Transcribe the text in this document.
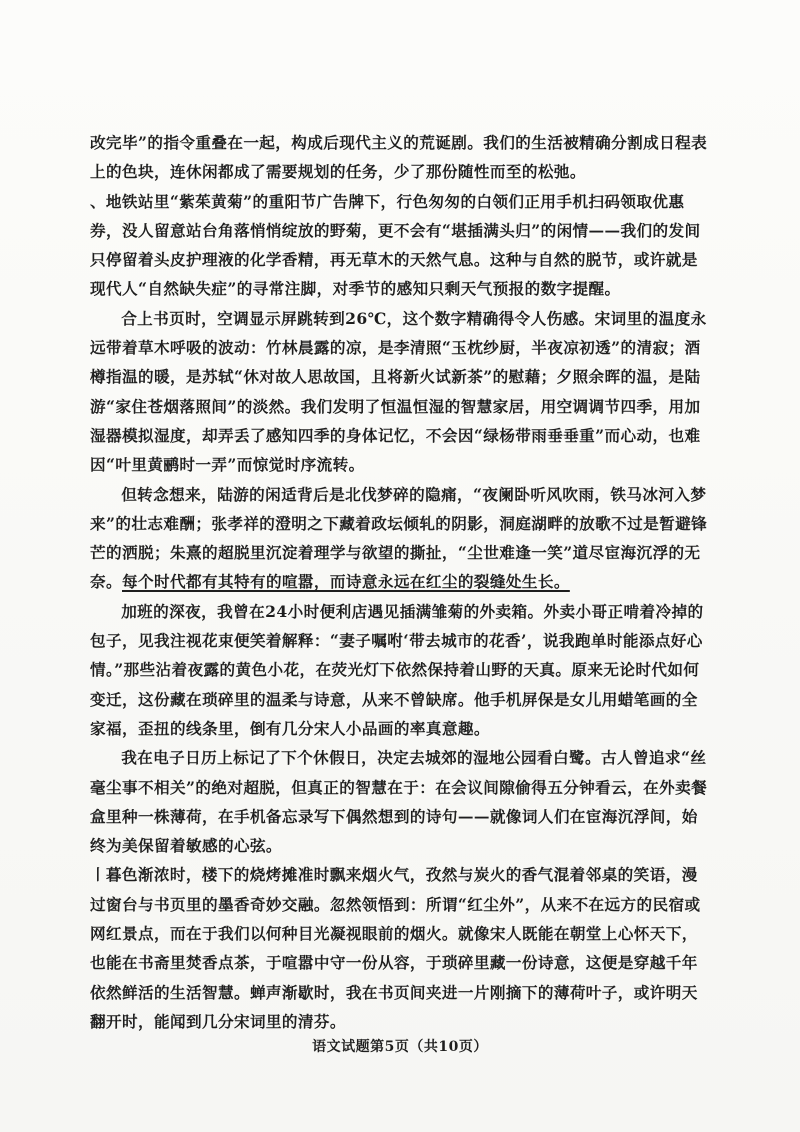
改完毕”的指令重叠在一起，构成后现代主义的荒诞剧。我们的生活被精确分割成日程表上的色块，连休闲都成了需要规划的任务，少了那份随性而至的松弛。

、 地铁站里“紫茱黄菊”的重阳节广告牌下，行色匆匆的白领们正用手机扫码领取优惠券，没人留意站台角落悄悄绽放的野菊，更不会有“堪插满头归”的闲情——我们的发间只停留着头皮护理液的化学香精，再无草木的天然气息。这种与自然的脱节，或许就是现代人“自然缺失症”的寻常注脚，对季节的感知只剩天气预报的数字提醒。

合上书页时，空调显示屏跳转到26℃，这个数字精确得令人伤感。宋词里的温度永远带着草木呼吸的波动：竹林晨露的凉，是李清照“玉枕纱厨，半夜凉初透”的清寂；酒樽指温的暖，是苏轼“休对故人思故国，且将新火试新茶”的慰藉；夕照余晖的温，是陆游“家住苍烟落照间”的淡然。我们发明了恒温恒湿的智慧家居，用空调调节四季，用加湿器模拟湿度，却弄丢了感知四季的身体记忆，不会因“绿杨带雨垂垂重”而心动，也难因“叶里黄鹂时一弄”而惊觉时序流转。

但转念想来，陆游的闲适背后是北伐梦碎的隐痛，“夜阑卧听风吹雨，铁马冰河入梦来”的壮志难酬；张孝祥的澄明之下藏着政坛倾轧的阴影，洞庭湖畔的放歌不过是暂避锋芒的洒脱；朱熹的超脱里沉淀着理学与欲望的撕扯，“尘世难逢一笑”道尽宦海沉浮的无奈。每个时代都有其特有的喧嚣，而诗意永远在红尘的裂缝处生长。

加班的深夜，我曾在24小时便利店遇见插满雏菊的外卖箱。外卖小哥正啃着冷掉的包子，见我注视花束便笑着解释：“妻子嘱咐‘带去城市的花香’，说我跑单时能添点好心情。”那些沾着夜露的黄色小花，在荧光灯下依然保持着山野的天真。原来无论时代如何变迁，这份藏在琐碎里的温柔与诗意，从来不曾缺席。他手机屏保是女儿用蜡笔画的全家福，歪扭的线条里，倒有几分宋人小品画的率真意趣。

我在电子日历上标记了下个休假日，决定去城郊的湿地公园看白鹭。古人曾追求“丝毫尘事不相关”的绝对超脱，但真正的智慧在于：在会议间隙偷得五分钟看云，在外卖餐盒里种一株薄荷，在手机备忘录写下偶然想到的诗句——就像词人们在宦海沉浮间，始终为美保留着敏感的心弦。

〡 暮色渐浓时，楼下的烧烤摊准时飘来烟火气，孜然与炭火的香气混着邻桌的笑语，漫过窗台与书页里的墨香奇妙交融。忽然领悟到：所谓“红尘外”，从来不在远方的民宿或网红景点，而在于我们以何种目光凝视眼前的烟火。就像宋人既能在朝堂上心怀天下，也能在书斋里焚香点茶，于喧嚣中守一份从容，于琐碎里藏一份诗意，这便是穿越千年依然鲜活的生活智慧。蝉声渐歇时，我在书页间夹进一片刚摘下的薄荷叶子，或许明天翻开时，能闻到几分宋词里的清芬。

语文试题第5页（共10页）
